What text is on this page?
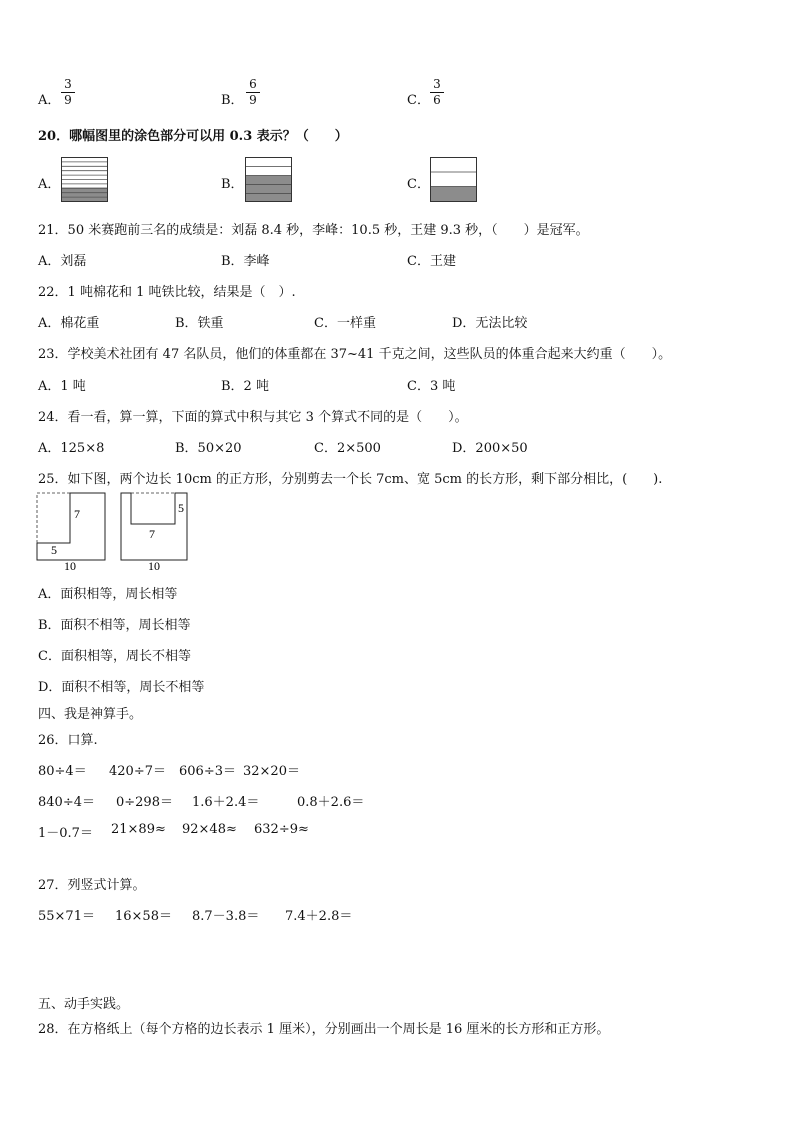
A． $\frac{3}{9}$	B． $\frac{6}{9}$	C． $\frac{3}{6}$
20．哪幅图里的涂色部分可以用 0.3 表示？（　　）
A．	B．	C．
21．50 米赛跑前三名的成绩是：刘磊 8.4 秒，李峰：10.5 秒，王建 9.3 秒，（　　）是冠军。
A．刘磊	B．李峰	C．王建
22．1 吨棉花和 1 吨铁比较，结果是（　）.
A．棉花重	B．铁重	C．一样重	D．无法比较
23．学校美术社团有 47 名队员，他们的体重都在 37~41 千克之间，这些队员的体重合起来大约重（　　）。
A．1 吨	B．2 吨	C．3 吨
24．看一看，算一算，下面的算式中积与其它 3 个算式不同的是（　　）。
A．125×8	B．50×20	C．2×500	D．200×50
25．如下图，两个边长 10cm 的正方形，分别剪去一个长 7cm、宽 5cm 的长方形，剩下部分相比，(　　).
7
5
10
5
7
10
A．面积相等，周长相等
B．面积不相等，周长相等
C．面积相等，周长不相等
D．面积不相等，周长不相等
四、我是神算手。
26．口算.
80÷4＝ 420÷7＝ 606÷3＝ 32×20＝
840÷4＝ 0÷298＝ 1.6＋2.4＝	0.8＋2.6＝
1－0.7＝ 21×89≈ 92×48≈ 632÷9≈
27．列竖式计算。
55×71＝ 16×58＝ 8.7－3.8＝ 7.4＋2.8＝
五、动手实践。
28．在方格纸上（每个方格的边长表示 1 厘米），分别画出一个周长是 16 厘米的长方形和正方形。
